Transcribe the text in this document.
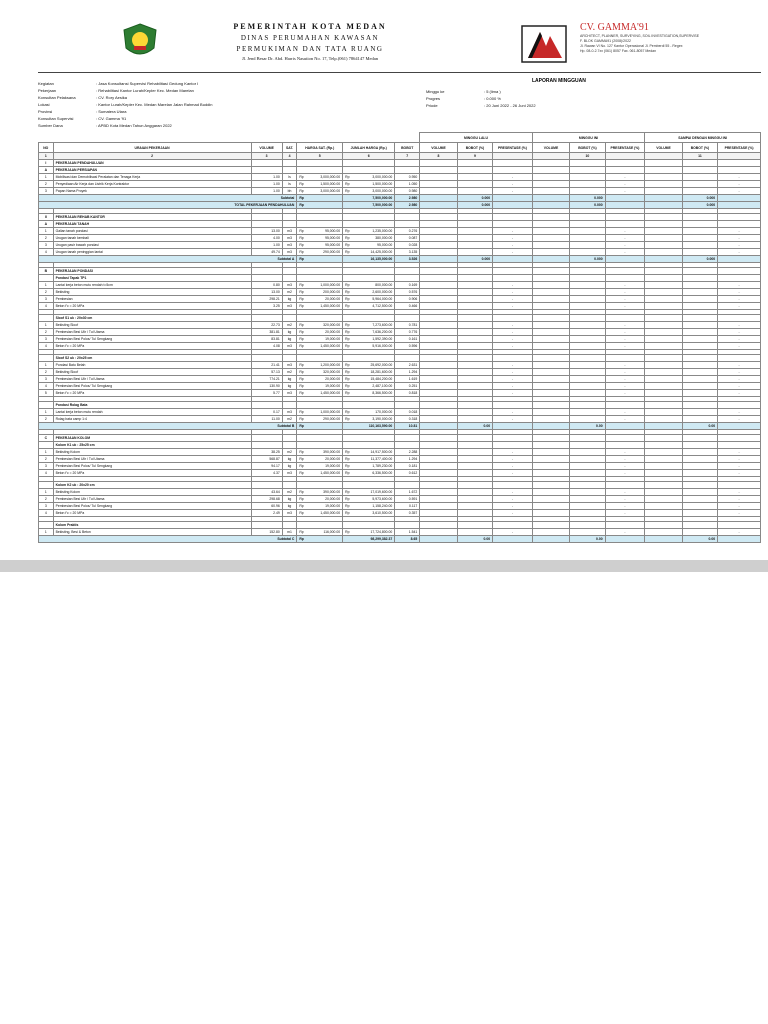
PEMERINTAH KOTA MEDAN
DINAS PERUMAHAN KAWASAN
PERMUKIMAN DAN TATA RUANG
Jl. Jend Besar Dr. Abd. Harris Nasution No. 17, Telp.(061) 7864147 Medan
CV. GAMMA'91
ARCHITECT, PLANNER, SURVEYING, SOIL INVESTIGATION,SUPERVISE
F. BLOK GAMMA91 (2008)/2022
Jl. Rawan VI No. 127 Kantor Operasional Jl. Pemberdi 55 - Regex
Hp. 08-0-2.7xx (061) 8057 Fax. 061-8057 Medan
Kegiatan	: Jasa Konsultansi Supervisi Rehabilitasi Gedung Kantor I
Pekerjaan	: Rehabilitasi Kantor Lurah/Kepler Kec. Medan Marelan
Konsultan Pelaksana	: CV. Rory Aesika
Lokasi	: Kantor Lurah/Kepler Kec. Medan Marelan Jalan Rahmad Buddin
Provinsi	: Sumatera Utara
Konsultan Supervisi	: CV. Gamma '91
Sumber Dana	: APBD Kota Medan Tahun Anggaran 2022
LAPORAN MINGGUAN
Minggu ke	: 5 (lima )
Progres	: 0.000 %
Priode	: 20 Juni 2022 - 26 Juni 2022
							MINGGU LALU			MINGGU INI			SAMPAI DENGAN MINGGU INI		
NO	URAIAN PEKERJAAN	VOLUME	SAT.	HARGA SAT. (Rp.)	JUMLAH HARGA (Rp.)	BOBOT	VOLUME	BOBOT (%)	PRESENTASE (%)	VOLUME	BOBOT (%)	PRESENTASE (%)	VOLUME	BOBOT (%)	PRESENTASE (%)
1	2	3	4	5	6	7	8	9			10			11	
I	PEKERJAAN PENDAHULUAN														
A	PEKERJAAN PERSIAPAN														
1	Mobilisasi dan Demobilisasi Peralatan dan Tenaga Kerja	1.00	ls	Rp 3,000,000.00	Rp 3,000,000.00	0.950			-			-			-
2	Penyediaan Air Kerja dan Listrik Kerja Kontraktor	1.00	ls	Rp 1,500,000.00	Rp 1,500,000.00	1.050			-			-			-
3	Papan Nama Proyek	1.00	bh	Rp 3,000,000.00	Rp 3,000,000.00	0.980			-			-			-
Subtotal				Rp	7,500,000.00	2.980		0.000			0.000			0.000	
TOTAL PEKERJAAN PENDAHULUAN				Rp	7,500,000.00	2.980		0.000			0.000			0.000	

II	PEKERJAAN REHAB KANTOR														
A	PEKERJAAN TANAH														
1	Galian tanah pondasi	13.00	m3	Rp 95,000.00	Rp 1,235,000.00	0.276			-			-			-
2	Urugan tanah kembali	4.00	m3	Rp 95,000.00	Rp 380,000.00	0.087			-			-			-
3	Urugan pasir bawah pondasi	1.00	m3	Rp 95,000.00	Rp 95,000.00	0.028			-			-			-
4	Urugan tanah peninggian lantai	49.74	m3	Rp 290,000.00	Rp 14,425,000.00	3.135			-			-			-
Subtotal A				Rp	16,135,000.00	3.526		0.000			0.000			0.000	

B	PEKERJAAN PONDASI														
	Pondasi Tapak TP1														
1	Lantai kerja beton mutu rendah t=5cm	0.80	m3	Rp 1,000,000.00	Rp 800,000.00	0.169			-			-			-
2	Bekisting	13.00	m2	Rp 200,000.00	Rp 2,600,000.00	0.576			-			-			-
3	Pembesian	298.21	kg	Rp 20,000.00	Rp 5,964,000.00	0.906			-			-			-
4	Beton f'c = 20 MPa	3.25	m3	Rp 1,450,000.00	Rp 4,712,500.00	0.466			-			-			-

	Sloof S1 uk : 20x30 cm														
1	Bekisting Sloof	22.73	m2	Rp 320,000.00	Rp 7,273,600.00	0.781			-			-			-
2	Pembesian Besi Ulir / Tul Utama	381.81	kg	Rp 20,000.00	Rp 7,636,200.00	0.776			-			-			-
3	Pembesian Besi Polos/ Tul Sengkang	83.81	kg	Rp 19,000.00	Rp 1,592,390.00	0.161			-			-			-
4	Beton f'c = 20 MPa	4.08	m3	Rp 1,450,000.00	Rp 5,916,000.00	0.596			-			-			-

	Sloof S2 uk : 20x25 cm														
1	Pondasi Batu Belah	21.41	m3	Rp 1,200,000.00	Rp 25,692,000.00	2.631			-			-			-
2	Bekisting Sloof	57.13	m2	Rp 320,000.00	Rp 18,281,600.00	1.294			-			-			-
3	Pembesian Besi Ulir / Tul Utama	774.21	kg	Rp 20,000.00	Rp 15,484,200.00	1.619			-			-			-
4	Pembesian Besi Polos/ Tul Sengkang	130.90	kg	Rp 19,000.00	Rp 2,487,100.00	0.251			-			-			-
5	Beton f'c = 20 MPa	5.77	m3	Rp 1,450,000.00	Rp 8,366,500.00	0.818			-			-			-

	Pondasi Rolag Bata														
1	Lantai kerja beton mutu rendah	0.17	m3	Rp 1,000,000.00	Rp 170,000.00	0.018			-			-			-
2	Rolag bata camp 1:4	11.00	m2	Rp 290,000.00	Rp 3,190,000.00	0.318			-			-			-
Subtotal B				Rp	110,163,590.00	10.81		0.00			0.00			0.00	

C	PEKERJAAN KOLOM														
	Kolom K1 uk : 25x25 cm														
1	Bekisting Kolom	38.25	m2	Rp 390,000.00	Rp 14,917,500.00	2.288			-			-			-
2	Pembesian Besi Ulir / Tul Utama	568.87	kg	Rp 20,000.00	Rp 11,377,400.00	1.294			-			-			-
3	Pembesian Besi Polos/ Tul Sengkang	94.17	kg	Rp 19,000.00	Rp 1,789,230.00	0.181			-			-			-
4	Beton f'c = 20 MPa	4.37	m3	Rp 1,450,000.00	Rp 6,336,500.00	0.612			-			-			-

	Kolom K2 uk : 20x20 cm														
1	Bekisting Kolom	43.64	m2	Rp 390,000.00	Rp 17,019,600.00	1.672			-			-			-
2	Pembesian Besi Ulir / Tul Utama	298.68	kg	Rp 20,000.00	Rp 5,973,600.00	0.591			-			-			-
3	Pembesian Besi Polos/ Tul Sengkang	60.96	kg	Rp 19,000.00	Rp 1,158,240.00	0.117			-			-			-
4	Beton f'c = 20 MPa	2.49	m3	Rp 1,450,000.00	Rp 3,610,500.00	0.357			-			-			-

	Kolom Praktis														
1	Bekisting, Besi & Beton	152.80	m1	Rp 116,000.00	Rp 17,724,800.00	1.541			-			-			-
Subtotal C				Rp	98,299,382.37	8.65		0.00			0.00			0.00	
